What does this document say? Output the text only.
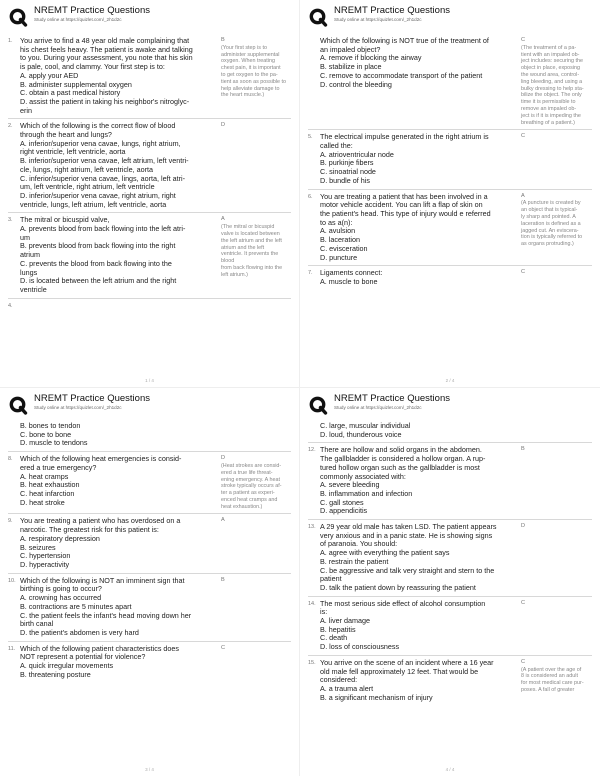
NREMT Practice Questions
Study online at https://quizlet.com/_2h1d2c
1.	You arrive to find a 48 year old male complaining that
his chest feels heavy. The patient is awake and talking
to you. During your assessment, you note that his skin
is pale, cool, and clammy. Your first step is to:
A. apply your AED
B. administer supplemental oxygen
C. obtain a past medical history
D. assist the patient in taking his neighbor's nitroglyc-
erin
B
(Your first step is to
administer supplemental
oxygen. When treating
chest pain, it is important
to get oxygen to the pa-
tient as soon as possible to
help alleviate damage to
the heart muscle.)
2.	Which of the following is the correct flow of blood
through the heart and lungs?
A. inferior/superior vena cavae, lungs, right atrium,
right ventricle, left ventricle, aorta
B. inferior/superior vena cavae, left atrium, left ventri-
cle, lungs, right atrium, left ventricle, aorta
C. inferior/superior vena cavae, lings, aorta, left atri-
um, left ventricle, right atrium, left ventricle
D. inferior/superior vena cavae, right atrium, right
ventricle, lungs, left atrium, left ventricle, aorta
D
3.	The mitral or bicuspid valve,
A. prevents blood from back flowing into the left atri-
um
B. prevents blood from back flowing into the right
atrium
C. prevents the blood from back flowing into the
lungs
D. is located between the left atrium and the right
ventricle
A
(The mitral or bicuspid
valve is located between
the left atrium and the left
atrium and the left
ventricle. It prevents the blood
from back flowing into the
left atrium.)
4.
1 / 4
NREMT Practice Questions
Study online at https://quizlet.com/_2h1d2c
Which of the following is NOT true of the treatment of
an impaled object?
A. remove if blocking the airway
B. stabilize in place
C. remove to accommodate transport of the patient
D. control the bleeding
C
(The treatment of a pa-
tient with an impaled ob-
ject includes: securing the
object in place, exposing
the wound area, control-
ling bleeding, and using a
bulky dressing to help sta-
bilize the object. The only
time it is permissible to
remove an impaled ob-
ject is if it is impeding the
breathing of a patient.)
5.	The electrical impulse generated in the right atrium is
called the:
A. atrioventricular node
B. purkinje fibers
C. sinoatrial node
D. bundle of his
C
6.	You are treating a patient that has been involved in a
motor vehicle accident. You can lift a flap of skin on
the patient's head. This type of injury would e referred
to as a(n):
A. avulsion
B. laceration
C. evisceration
D. puncture
A
(A puncture is created by
an object that is typical-
ly sharp and pointed. A
laceration is defined as a
jagged cut. An eviscera-
tion is typically referred to
as organs protruding.)
7.	Ligaments connect:
A. muscle to bone
C
2 / 4
NREMT Practice Questions
Study online at https://quizlet.com/_2h1d2c
B. bones to tendon
C. bone to bone
D. muscle to tendons
8.	Which of the following heat emergencies is consid-
ered a true emergency?
A. heat cramps
B. heat exhaustion
C. heat infarction
D. heat stroke
D
(Heat strokes are consid-
ered a true life threat-
ening emergency. A heat
stroke typically occurs af-
ter a patient as experi-
enced heat cramps and
heat exhaustion.)
9.	You are treating a patient who has overdosed on a
narcotic. The greatest risk for this patient is:
A. respiratory depression
B. seizures
C. hypertension
D. hyperactivity
A
10. Which of the following is NOT an imminent sign that
birthing is going to occur?
A. crowning has occurred
B. contractions are 5 minutes apart
C. the patient feels the infant's head moving down her
birth canal
D. the patient's abdomen is very hard
B
11. Which of the following patient characteristics does
NOT represent a potential for violence?
A. quick irregular movements
B. threatening posture
C
3 / 4
NREMT Practice Questions
Study online at https://quizlet.com/_2h1d2c
C. large, muscular individual
D. loud, thunderous voice
12. There are hollow and solid organs in the abdomen.
The gallbladder is considered a hollow organ. A rup-
tured hollow organ such as the gallbladder is most
commonly associated with:
A. severe bleeding
B. inflammation and infection
C. gall stones
D. appendicitis
B
13. A 29 year old male has taken LSD. The patient appears
very anxious and in a panic state. He is showing signs
of paranoia. You should:
A. agree with everything the patient says
B. restrain the patient
C. be aggressive and talk very straight and stern to the
patient
D. talk the patient down by reassuring the patient
D
14. The most serious side effect of alcohol consumption
is:
A. liver damage
B. hepatitis
C. death
D. loss of consciousness
C
15. You arrive on the scene of an incident where a 16 year
old male fell approximately 12 feet. That would be
considered:
A. a trauma alert
B. a significant mechanism of injury
C
(A patient over the age of
8 is considered an adult
for most medical care pur-
poses. A fall of greater
4 / 4
